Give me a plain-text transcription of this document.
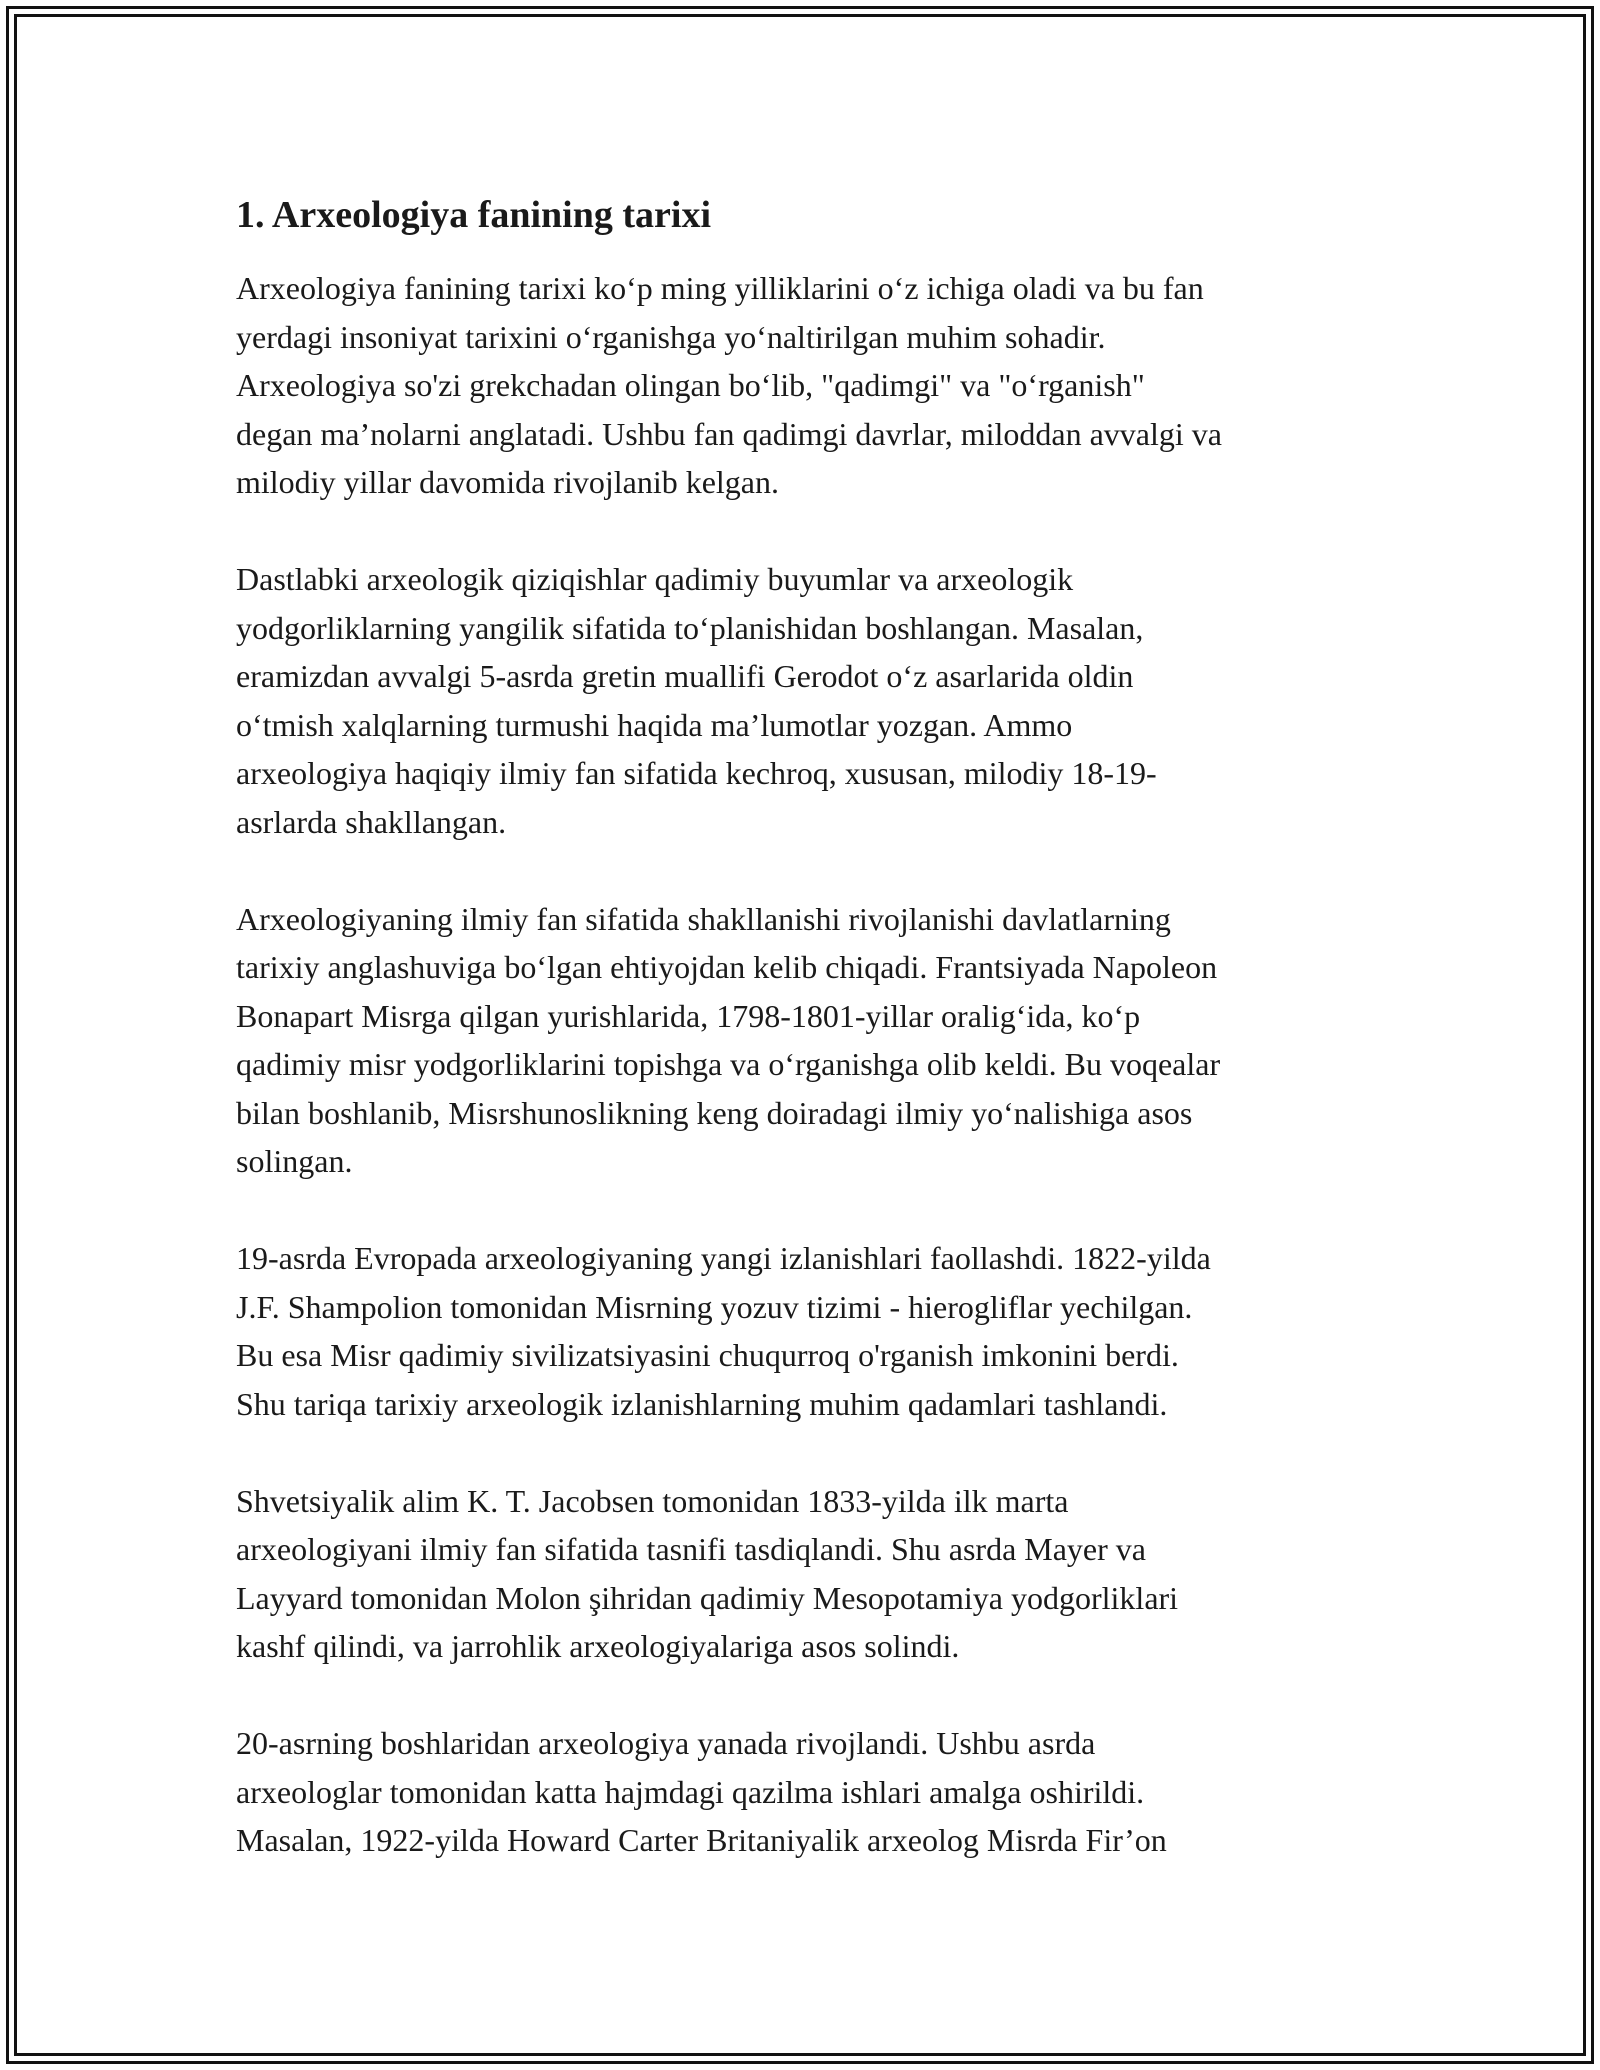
1. Arxeologiya fanining tarixi
Arxeologiya fanining tarixi ko‘p ming yilliklarini o‘z ichiga oladi va bu fan
yerdagi insoniyat tarixini o‘rganishga yo‘naltirilgan muhim sohadir.
Arxeologiya so'zi grekchadan olingan bo‘lib, "qadimgi" va "o‘rganish"
degan ma’nolarni anglatadi. Ushbu fan qadimgi davrlar, miloddan avvalgi va
milodiy yillar davomida rivojlanib kelgan.
Dastlabki arxeologik qiziqishlar qadimiy buyumlar va arxeologik
yodgorliklarning yangilik sifatida to‘planishidan boshlangan. Masalan,
eramizdan avvalgi 5-asrda gretin muallifi Gerodot o‘z asarlarida oldin
o‘tmish xalqlarning turmushi haqida ma’lumotlar yozgan. Ammo
arxeologiya haqiqiy ilmiy fan sifatida kechroq, xususan, milodiy 18-19-
asrlarda shakllangan.
Arxeologiyaning ilmiy fan sifatida shakllanishi rivojlanishi davlatlarning
tarixiy anglashuviga bo‘lgan ehtiyojdan kelib chiqadi. Frantsiyada Napoleon
Bonapart Misrga qilgan yurishlarida, 1798-1801-yillar oralig‘ida, ko‘p
qadimiy misr yodgorliklarini topishga va o‘rganishga olib keldi. Bu voqealar
bilan boshlanib, Misrshunoslikning keng doiradagi ilmiy yo‘nalishiga asos
solingan.
19-asrda Evropada arxeologiyaning yangi izlanishlari faollashdi. 1822-yilda
J.F. Shampolion tomonidan Misrning yozuv tizimi - hierogliflar yechilgan.
Bu esa Misr qadimiy sivilizatsiyasini chuqurroq o'rganish imkonini berdi.
Shu tariqa tarixiy arxeologik izlanishlarning muhim qadamlari tashlandi.
Shvetsiyalik alim K. T. Jacobsen tomonidan 1833-yilda ilk marta
arxeologiyani ilmiy fan sifatida tasnifi tasdiqlandi. Shu asrda Mayer va
Layyard tomonidan Molon şihridan qadimiy Mesopotamiya yodgorliklari
kashf qilindi, va jarrohlik arxeologiyalariga asos solindi.
20-asrning boshlaridan arxeologiya yanada rivojlandi. Ushbu asrda
arxeologlar tomonidan katta hajmdagi qazilma ishlari amalga oshirildi.
Masalan, 1922-yilda Howard Carter Britaniyalik arxeolog Misrda Fir’on
